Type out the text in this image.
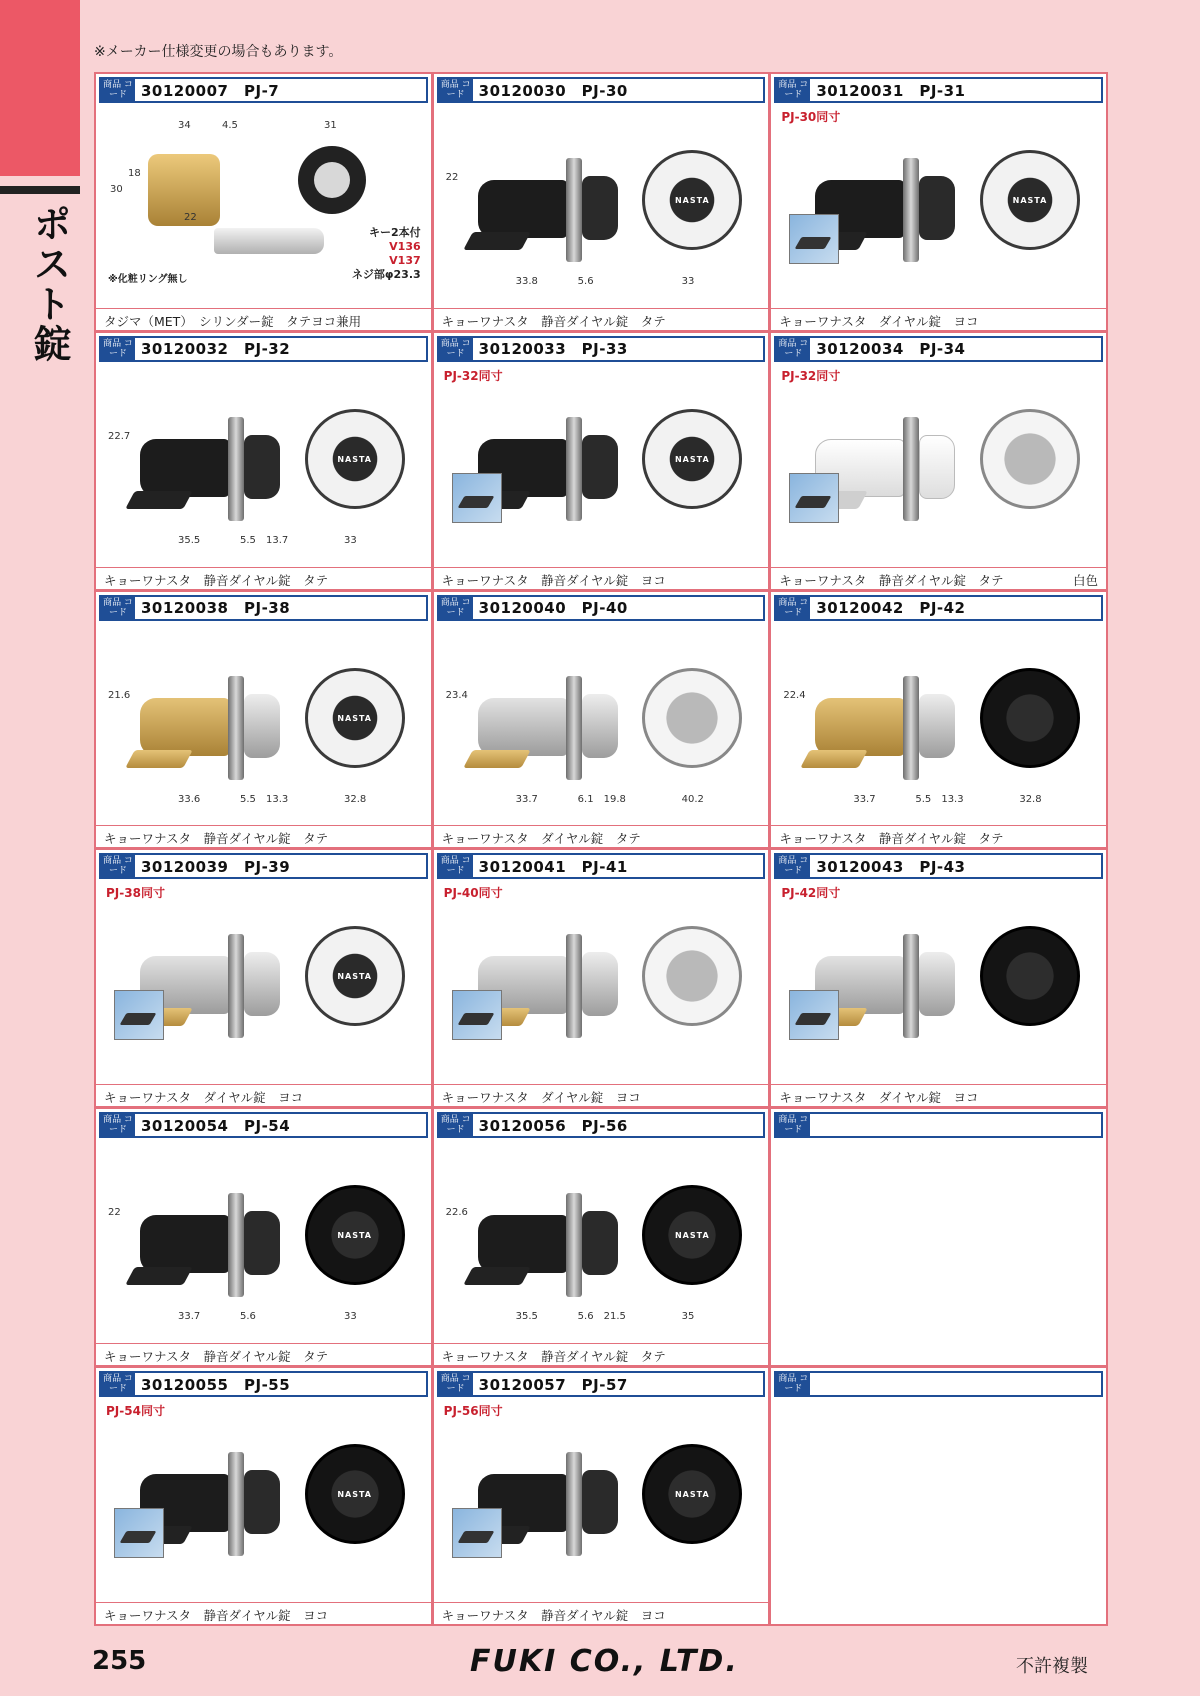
ポスト錠
※メーカー仕様変更の場合もあります。
商品 コード 30120007　PJ-7
34	4.5
18
30
22
31
キー2本付
V136
V137
ネジ部φ23.3
※化粧リング無し
タジマ（MET）　シリンダー錠　タテヨコ兼用
商品 コード 30120030　PJ-30
NASTA
22
33.8	5.6	33
キョーワナスタ　静音ダイヤル錠　タテ
商品 コード 30120031　PJ-31
PJ-30同寸
NASTA
キョーワナスタ　ダイヤル錠　ヨコ
商品 コード 30120032　PJ-32
NASTA
22.7
35.5	5.5 13.7	33
キョーワナスタ　静音ダイヤル錠　タテ
商品 コード 30120033　PJ-33
PJ-32同寸
NASTA
キョーワナスタ　静音ダイヤル錠　ヨコ
商品 コード 30120034　PJ-34
PJ-32同寸
キョーワナスタ　静音ダイヤル錠　タテ	白色
商品 コード 30120038　PJ-38
NASTA
21.6
33.6	5.5 13.3	32.8
キョーワナスタ　静音ダイヤル錠　タテ
商品 コード 30120040　PJ-40
23.4
33.7	6.1 19.8	40.2
キョーワナスタ　ダイヤル錠　タテ
商品 コード 30120042　PJ-42
22.4
33.7	5.5 13.3	32.8
キョーワナスタ　静音ダイヤル錠　タテ
商品 コード 30120039　PJ-39
PJ-38同寸
NASTA
キョーワナスタ　ダイヤル錠　ヨコ
商品 コード 30120041　PJ-41
PJ-40同寸
キョーワナスタ　ダイヤル錠　ヨコ
商品 コード 30120043　PJ-43
PJ-42同寸
キョーワナスタ　ダイヤル錠　ヨコ
商品 コード 30120054　PJ-54
NASTA
22
33.7	5.6	33
キョーワナスタ　静音ダイヤル錠　タテ
商品 コード 30120056　PJ-56
NASTA
22.6
35.5	5.6 21.5	35
キョーワナスタ　静音ダイヤル錠　タテ
商品 コード
商品 コード 30120055　PJ-55
PJ-54同寸
NASTA
キョーワナスタ　静音ダイヤル錠　ヨコ
商品 コード 30120057　PJ-57
PJ-56同寸
NASTA
キョーワナスタ　静音ダイヤル錠　ヨコ
商品 コード
255	FUKI CO., LTD.	不許複製
